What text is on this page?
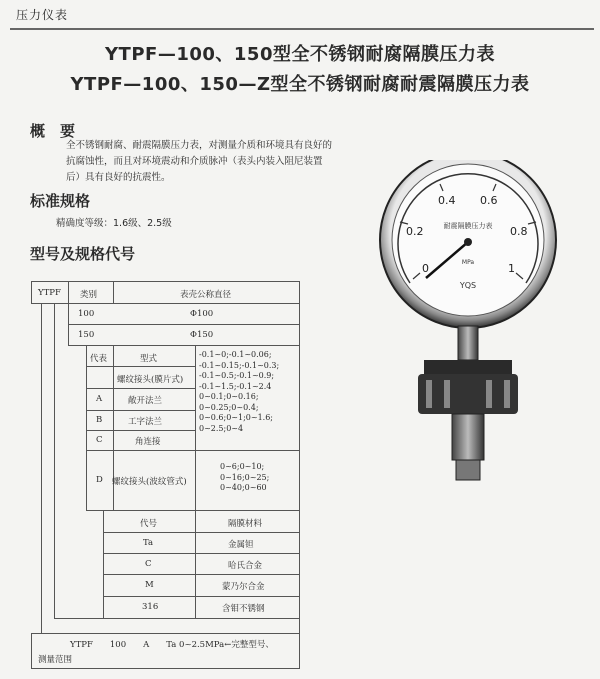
压力仪表
YTPF—100、150型全不锈钢耐腐隔膜压力表
YTPF—100、150—Z型全不锈钢耐腐耐震隔膜压力表
概　要
全不锈钢耐腐、耐震隔膜压力表，对测量介质和环境具有良好的抗腐蚀性，而且对环境震动和介质脉冲（表头内装入阻尼装置后）具有良好的抗震性。
标准规格
精确度等级：1.6级、2.5级
型号及规格代号
0
0.2
0.4 0.6
0.8
1
耐震隔膜压力表
MPa
YQS
YTPF 类别	表壳公称直径
100	Φ100
150	Φ150
代表	型式
螺纹接头(膜片式)
A	敞开法兰
B	工字法兰
C	角连接
D 螺纹接头(波纹管式)
-0.1~0;-0.1~0.06;
-0.1~0.15;-0.1~0.3;
-0.1~0.5;-0.1~0.9;
-0.1~1.5;-0.1~2.4
0~0.1;0~0.16;
0~0.25;0~0.4;
0~0.6;0~1;0~1.6;
0~2.5;0~4
0~6;0~10;
0~16;0~25;
0~40;0~60
代号	隔膜材料
Ta	金属钽
C	哈氏合金
M	蒙乃尔合金
316	含钼不锈钢
YTPF　　100　　A　　Ta 0~2.5MPa←完整型号、
测量范围
